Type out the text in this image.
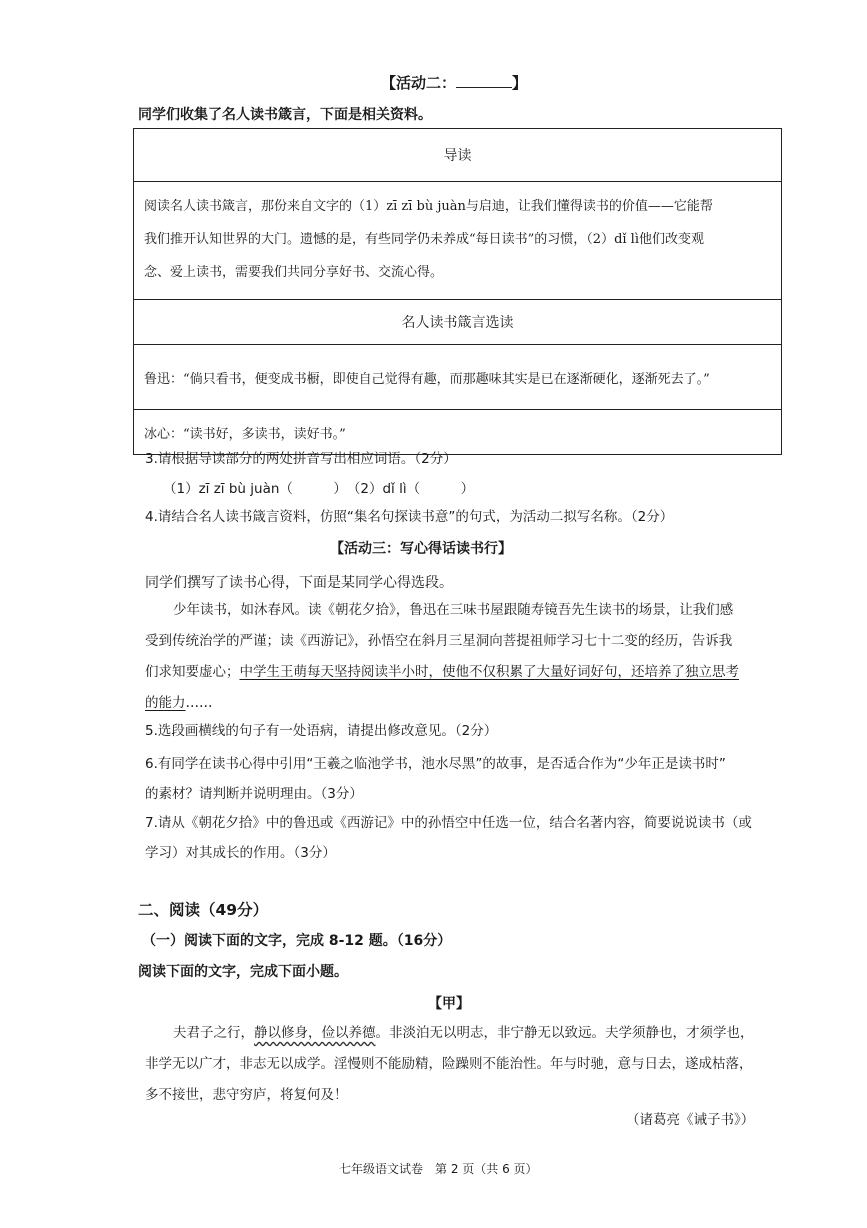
【活动二：	】
同学们收集了名人读书箴言，下面是相关资料。
导读

阅读名人读书箴言，那份来自文字的（1）zī zī bù juàn与启迪，让我们懂得读书的价值——它能帮
我们推开认知世界的大门。遗憾的是，有些同学仍未养成“每日读书”的习惯，（2）dǐ lì他们改变观
念、爱上读书，需要我们共同分享好书、交流心得。

名人读书箴言选读
鲁迅：“倘只看书，便变成书橱，即使自己觉得有趣，而那趣味其实是已在逐渐硬化，逐渐死去了。”
冰心：“读书好，多读书，读好书。”
3.请根据导读部分的两处拼音写出相应词语。（2分）
（1）zī zī bù juàn（　　　）　（2）dǐ lì（　　　）
4.请结合名人读书箴言资料，仿照“集名句探读书意”的句式，为活动二拟写名称。（2分）
【活动三：写心得话读书行】
同学们撰写了读书心得，下面是某同学心得选段。
少年读书，如沐春风。读《朝花夕拾》，鲁迅在三味书屋跟随寿镜吾先生读书的场景，让我们感
受到传统治学的严谨；读《西游记》，孙悟空在斜月三星洞向菩提祖师学习七十二变的经历，告诉我
们求知要虚心；中学生王萌每天坚持阅读半小时，使他不仅积累了大量好词好句，还培养了独立思考
的能力……
5.选段画横线的句子有一处语病，请提出修改意见。（2分）
6.有同学在读书心得中引用“王羲之临池学书，池水尽黑”的故事，是否适合作为“少年正是读书时”
的素材？请判断并说明理由。（3分）
7.请从《朝花夕拾》中的鲁迅或《西游记》中的孙悟空中任选一位，结合名著内容，简要说说读书（或
学习）对其成长的作用。（3分）
二、阅读（49分）
（一）阅读下面的文字，完成 8-12 题。（16分）
阅读下面的文字，完成下面小题。
【甲】
夫君子之行，静以修身，俭以养德。非淡泊无以明志，非宁静无以致远。夫学须静也，才须学也，
非学无以广才，非志无以成学。淫慢则不能励精，险躁则不能治性。年与时驰，意与日去，遂成枯落，
多不接世，悲守穷庐，将复何及！
（诸葛亮《诫子书》）
七年级语文试卷　第 2 页（共 6 页）
